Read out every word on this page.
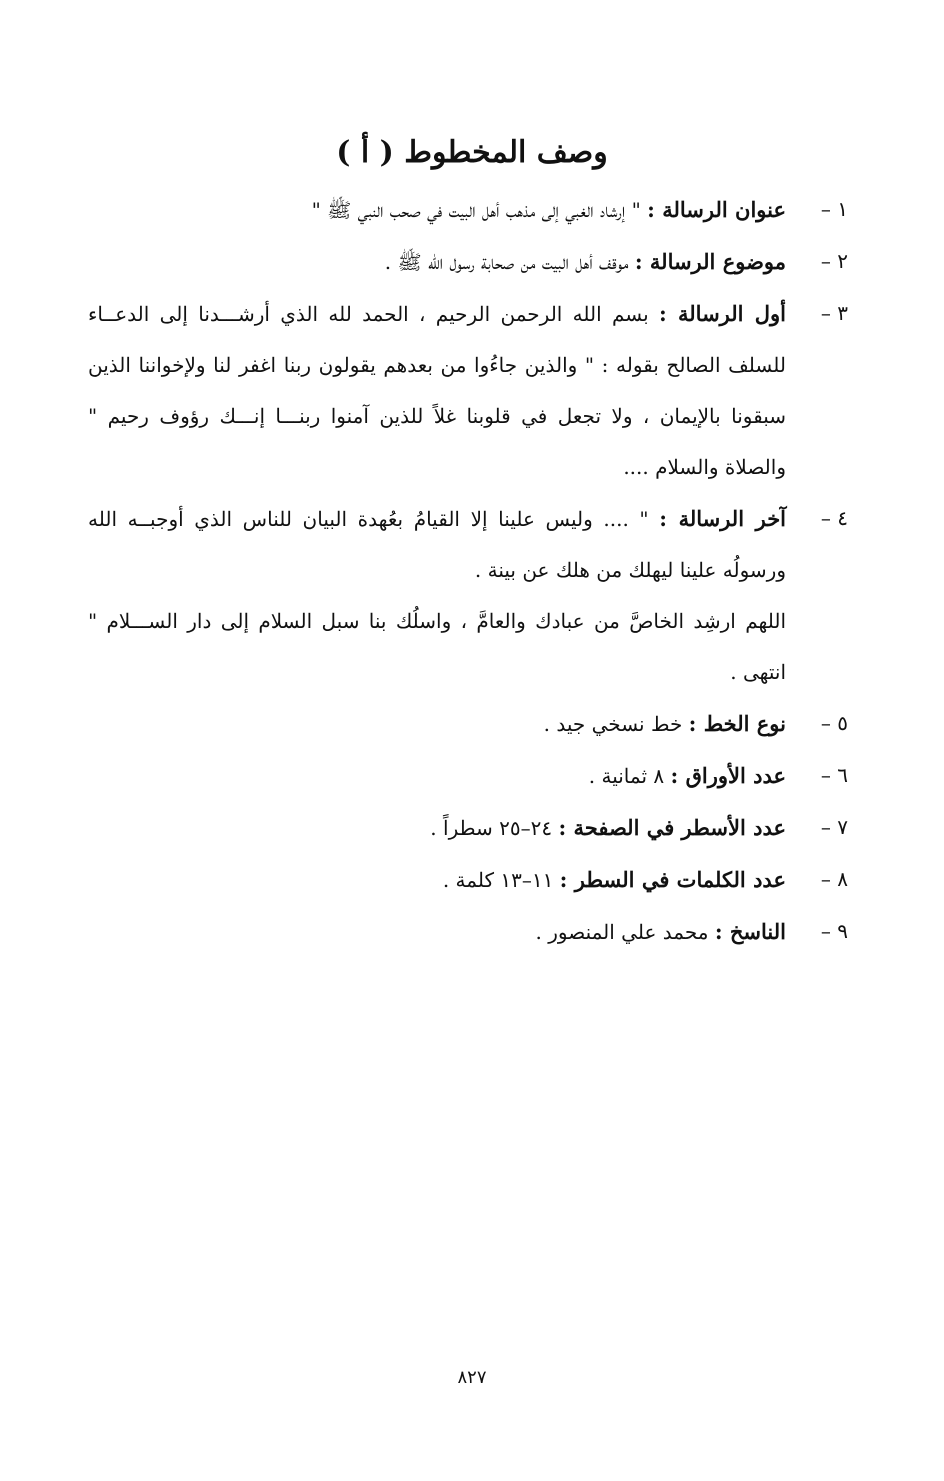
وصف المخطوط ( أ )
١ –
عنوان الرسالة : " إرشاد الغبي إلى مذهب أهل البيت في صحب النبي ﷺ "
٢ –
موضوع الرسالة : موقف أهل البيت من صحابة رسول الله ﷺ .
٣ –
أول الرسالة : بسم الله الرحمن الرحيم ، الحمد لله الذي أرشـــدنا إلى الدعــاء للسلف الصالح بقوله : " والذين جاءُوا من بعدهم يقولون ربنا اغفر لنا ولإخواننا الذين سبقونا بالإيمان ، ولا تجعل في قلوبنا غلاً للذين آمنوا ربنـــا إنـــك رؤوف رحيم " والصلاة والسلام ....
٤ –
آخر الرسالة : " .... وليس علينا إلا القيامُ بعُهدة البيان للناس الذي أوجبــه الله ورسولُه علينا ليهلك من هلك عن بينة .

اللهم ارشِد الخاصَّ من عبادك والعامَّ ، واسلُك بنا سبل السلام إلى دار الســـلام " انتهى .

٥ –
نوع الخط : خط نسخي جيد .
٦ –
عدد الأوراق : ٨ ثمانية .
٧ –
عدد الأسطر في الصفحة : ٢٤–٢٥ سطراً .
٨ –
عدد الكلمات في السطر : ١١–١٣ كلمة .
٩ –
الناسخ : محمد علي المنصور .
٨٢٧
